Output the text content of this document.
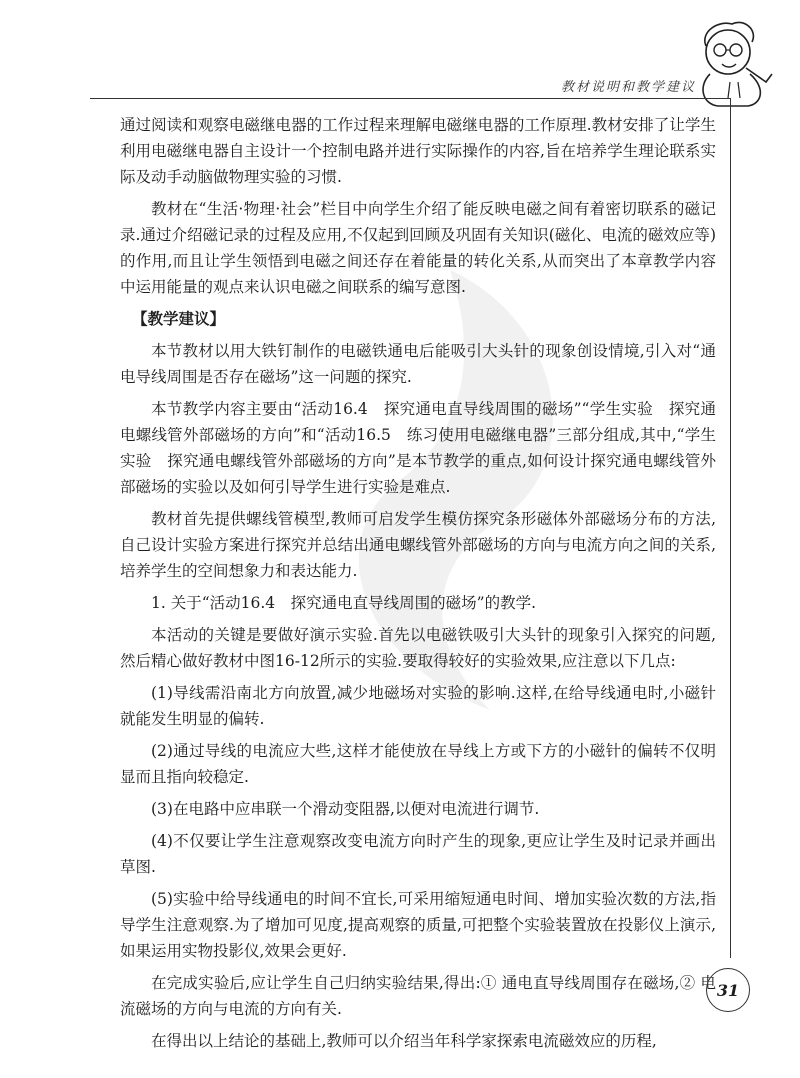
教材说明和教学建议

通过阅读和观察电磁继电器的工作过程来理解电磁继电器的工作原理.教材安排了让学生利用电磁继电器自主设计一个控制电路并进行实际操作的内容,旨在培养学生理论联系实际及动手动脑做物理实验的习惯.

教材在“生活·物理·社会”栏目中向学生介绍了能反映电磁之间有着密切联系的磁记录.通过介绍磁记录的过程及应用,不仅起到回顾及巩固有关知识(磁化、电流的磁效应等)的作用,而且让学生领悟到电磁之间还存在着能量的转化关系,从而突出了本章教学内容中运用能量的观点来认识电磁之间联系的编写意图.

【教学建议】

本节教材以用大铁钉制作的电磁铁通电后能吸引大头针的现象创设情境,引入对“通电导线周围是否存在磁场”这一问题的探究.

本节教学内容主要由“活动16.4　探究通电直导线周围的磁场”“学生实验　探究通电螺线管外部磁场的方向”和“活动16.5　练习使用电磁继电器”三部分组成,其中,“学生实验　探究通电螺线管外部磁场的方向”是本节教学的重点,如何设计探究通电螺线管外部磁场的实验以及如何引导学生进行实验是难点.

教材首先提供螺线管模型,教师可启发学生模仿探究条形磁体外部磁场分布的方法,自己设计实验方案进行探究并总结出通电螺线管外部磁场的方向与电流方向之间的关系,培养学生的空间想象力和表达能力.

1. 关于“活动16.4　探究通电直导线周围的磁场”的教学.

本活动的关键是要做好演示实验.首先以电磁铁吸引大头针的现象引入探究的问题,然后精心做好教材中图16-12所示的实验.要取得较好的实验效果,应注意以下几点:

(1)导线需沿南北方向放置,减少地磁场对实验的影响.这样,在给导线通电时,小磁针就能发生明显的偏转.

(2)通过导线的电流应大些,这样才能使放在导线上方或下方的小磁针的偏转不仅明显而且指向较稳定.

(3)在电路中应串联一个滑动变阻器,以便对电流进行调节.

(4)不仅要让学生注意观察改变电流方向时产生的现象,更应让学生及时记录并画出草图.

(5)实验中给导线通电的时间不宜长,可采用缩短通电时间、增加实验次数的方法,指导学生注意观察.为了增加可见度,提高观察的质量,可把整个实验装置放在投影仪上演示,如果运用实物投影仪,效果会更好.

在完成实验后,应让学生自己归纳实验结果,得出:① 通电直导线周围存在磁场,② 电流磁场的方向与电流的方向有关.

在得出以上结论的基础上,教师可以介绍当年科学家探索电流磁效应的历程,

31
